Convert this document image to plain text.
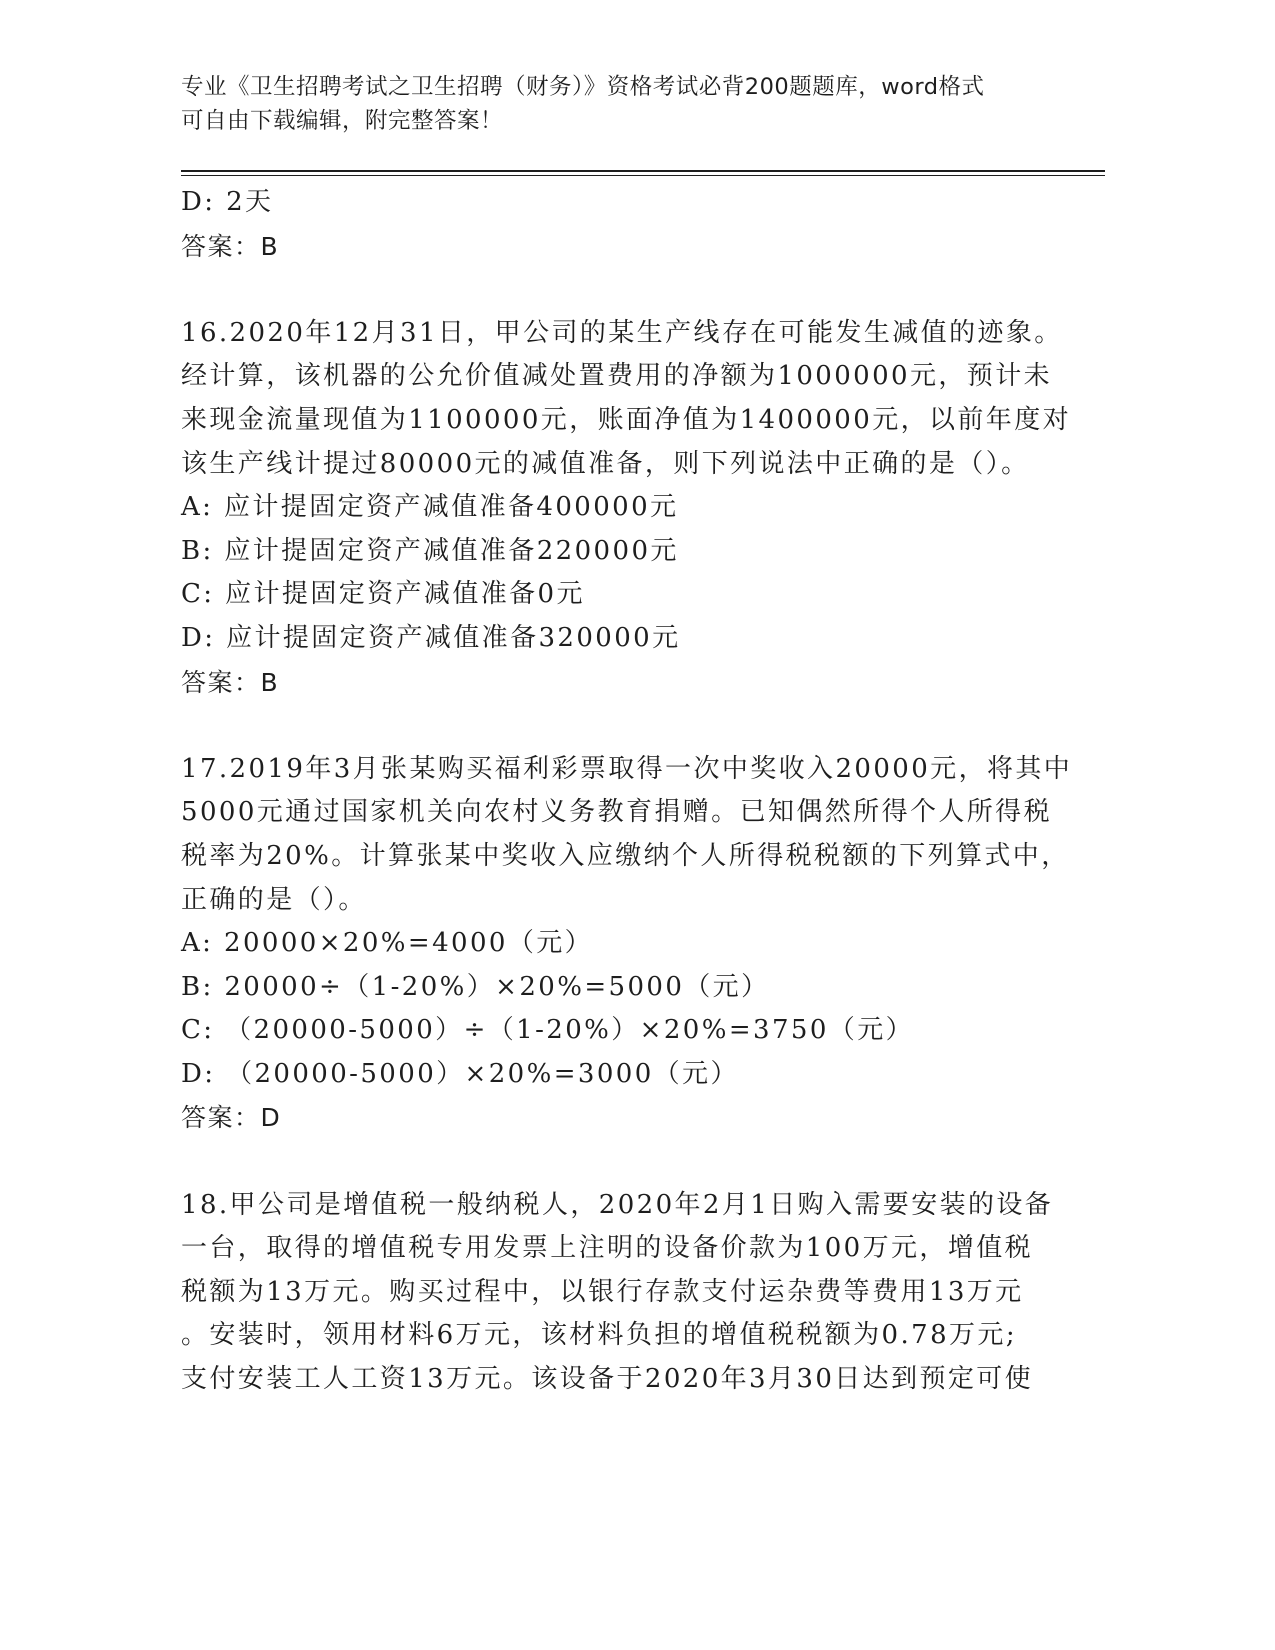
专业《卫生招聘考试之卫生招聘（财务）》资格考试必背200题题库，word格式
可自由下载编辑，附完整答案！
D: 2天
答案：B
16.2020年12月31日，甲公司的某生产线存在可能发生减值的迹象。
经计算，该机器的公允价值减处置费用的净额为1000000元，预计未
来现金流量现值为1100000元，账面净值为1400000元，以前年度对
该生产线计提过80000元的减值准备，则下列说法中正确的是（）。
A: 应计提固定资产减值准备400000元
B: 应计提固定资产减值准备220000元
C: 应计提固定资产减值准备0元
D: 应计提固定资产减值准备320000元
答案：B
17.2019年3月张某购买福利彩票取得一次中奖收入20000元，将其中
5000元通过国家机关向农村义务教育捐赠。已知偶然所得个人所得税
税率为20%。计算张某中奖收入应缴纳个人所得税税额的下列算式中，
正确的是（）。
A: 20000×20%=4000（元）
B: 20000÷（1-20%）×20%=5000（元）
C: （20000-5000）÷（1-20%）×20%=3750（元）
D: （20000-5000）×20%=3000（元）
答案：D
18.甲公司是增值税一般纳税人，2020年2月1日购入需要安装的设备
一台，取得的增值税专用发票上注明的设备价款为100万元，增值税
税额为13万元。购买过程中，以银行存款支付运杂费等费用13万元
。安装时，领用材料6万元，该材料负担的增值税税额为0.78万元;
支付安装工人工资13万元。该设备于2020年3月30日达到预定可使
